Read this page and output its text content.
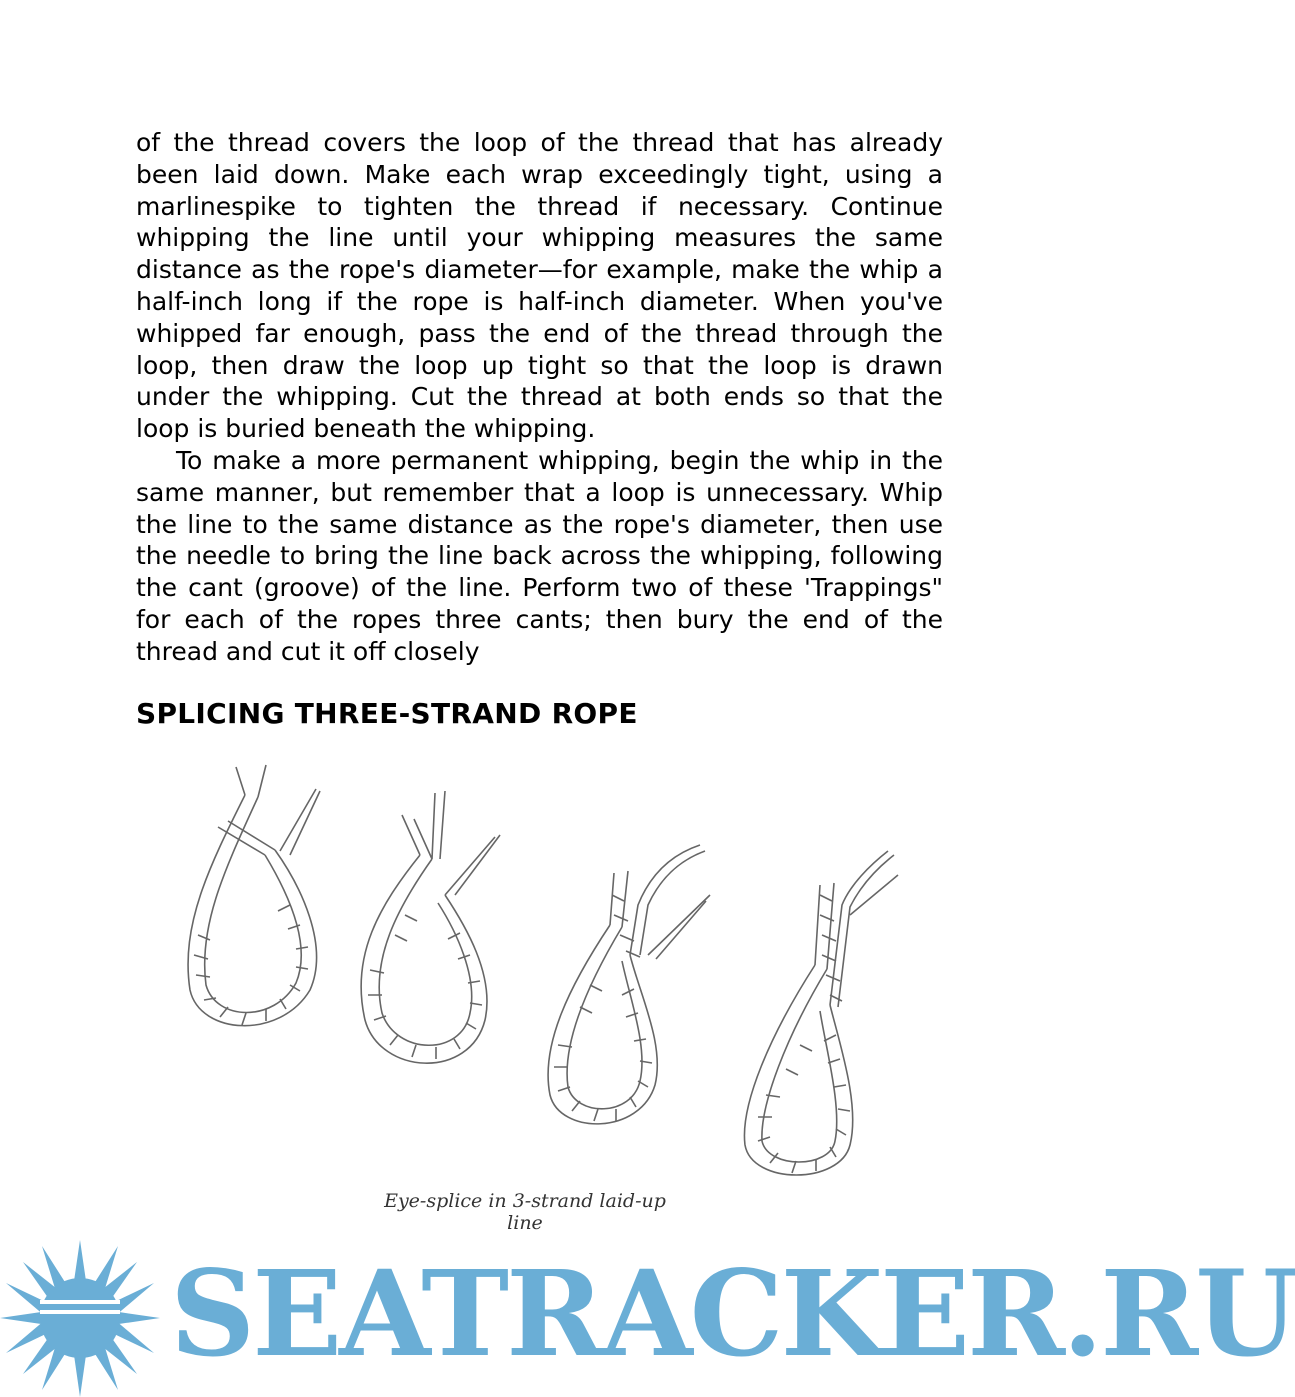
of the thread covers the loop of the thread that has already been laid down. Make each wrap exceedingly tight, using a marlinespike to tighten the thread if necessary. Continue whipping the line until your whipping measures the same distance as the rope's diameter—for example, make the whip a half-inch long if the rope is half-inch diameter. When you've whipped far enough, pass the end of the thread through the loop, then draw the loop up tight so that the loop is drawn under the whipping. Cut the thread at both ends so that the loop is buried beneath the whipping.

To make a more permanent whipping, begin the whip in the same manner, but remember that a loop is unnecessary. Whip the line to the same distance as the rope's diameter, then use the needle to bring the line back across the whipping, following the cant (groove) of the line. Perform two of these 'Trappings" for each of the ropes three cants; then bury the end of the thread and cut it off closely

SPLICING THREE-STRAND ROPE
Eye-splice in 3-strand laid-up line
SEATRACKER.RU
